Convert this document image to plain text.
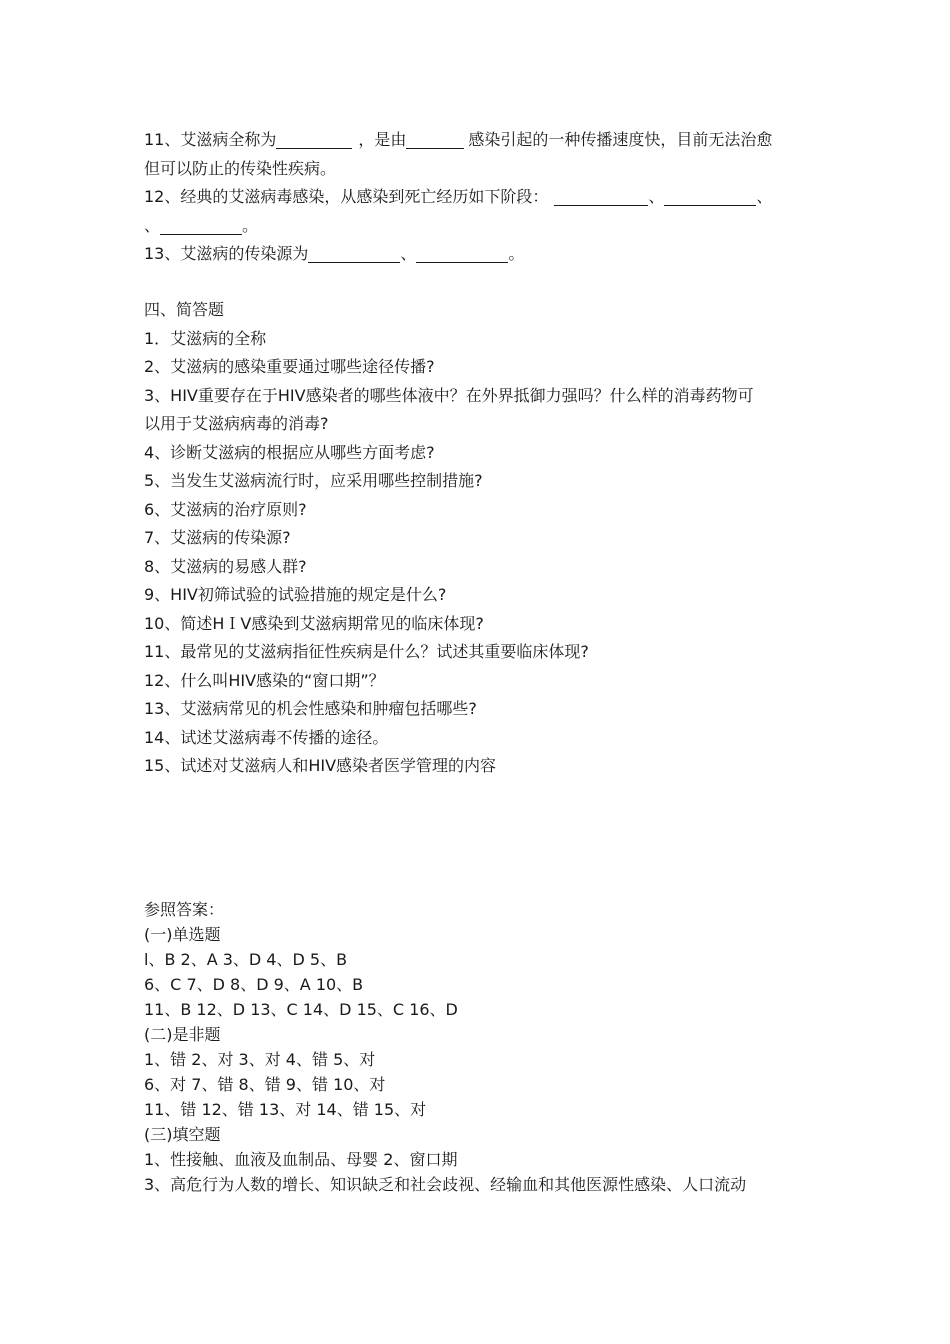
11、艾滋病全称为	，是由	感染引起的一种传播速度快，目前无法治愈
但可以防止的传染性疾病。
12、经典的艾滋病毒感染，从感染到死亡经历如下阶段：	、	、
、	。
13、艾滋病的传染源为	、	。
四、简答题
1．艾滋病的全称
2、艾滋病的感染重要通过哪些途径传播?
3、HIV重要存在于HIV感染者的哪些体液中？在外界抵御力强吗？什么样的消毒药物可
以用于艾滋病病毒的消毒?
4、诊断艾滋病的根据应从哪些方面考虑?
5、当发生艾滋病流行时，应采用哪些控制措施?
6、艾滋病的治疗原则?
7、艾滋病的传染源?
8、艾滋病的易感人群?
9、HIV初筛试验的试验措施的规定是什么?
10、简述HＩⅤ感染到艾滋病期常见的临床体现?
11、最常见的艾滋病指征性疾病是什么？试述其重要临床体现?
12、什么叫HIV感染的“窗口期”？
13、艾滋病常见的机会性感染和肿瘤包括哪些?
14、试述艾滋病毒不传播的途径。
15、试述对艾滋病人和HIV感染者医学管理的内容
参照答案：
(一)单选题
l、B 2、A 3、D 4、D 5、B
6、C 7、D 8、D 9、A 10、B
11、B 12、D 13、C 14、D 15、C 16、D
(二)是非题
1、错 2、对 3、对 4、错 5、对
6、对 7、错 8、错 9、错 10、对
11、错 12、错 13、对 14、错 15、对
(三)填空题
1、性接触、血液及血制品、母婴 2、窗口期
3、高危行为人数的增长、知识缺乏和社会歧视、经输血和其他医源性感染、人口流动
